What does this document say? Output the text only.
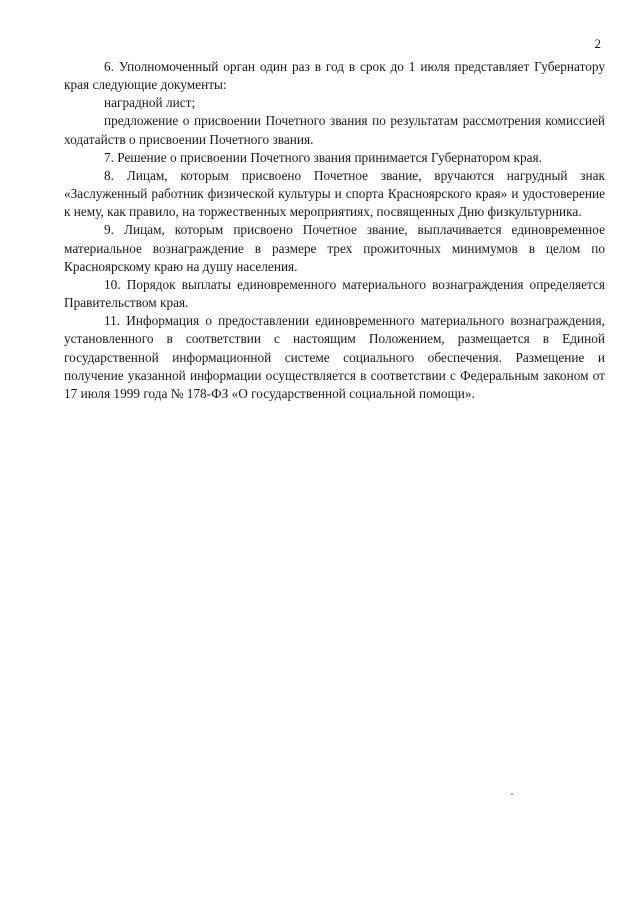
2

6. Уполномоченный орган один раз в год в срок до 1 июля представляет Губернатору края следующие документы:

наградной лист;

предложение о присвоении Почетного звания по результатам рассмотрения комиссией ходатайств о присвоении Почетного звания.

7. Решение о присвоении Почетного звания принимается Губернатором края.

8. Лицам, которым присвоено Почетное звание, вручаются нагрудный знак «Заслуженный работник физической культуры и спорта Красноярского края» и удостоверение к нему, как правило, на торжественных мероприятиях, посвященных Дню физкультурника.

9. Лицам, которым присвоено Почетное звание, выплачивается единовременное материальное вознаграждение в размере трех прожиточных минимумов в целом по Красноярскому краю на душу населения.

10. Порядок выплаты единовременного материального вознаграждения определяется Правительством края.

11. Информация о предоставлении единовременного материального вознаграждения, установленного в соответствии с настоящим Положением, размещается в Единой государственной информационной системе социального обеспечения. Размещение и получение указанной информации осуществляется в соответствии с Федеральным законом от 17 июля 1999 года № 178-ФЗ «О государственной социальной помощи».
